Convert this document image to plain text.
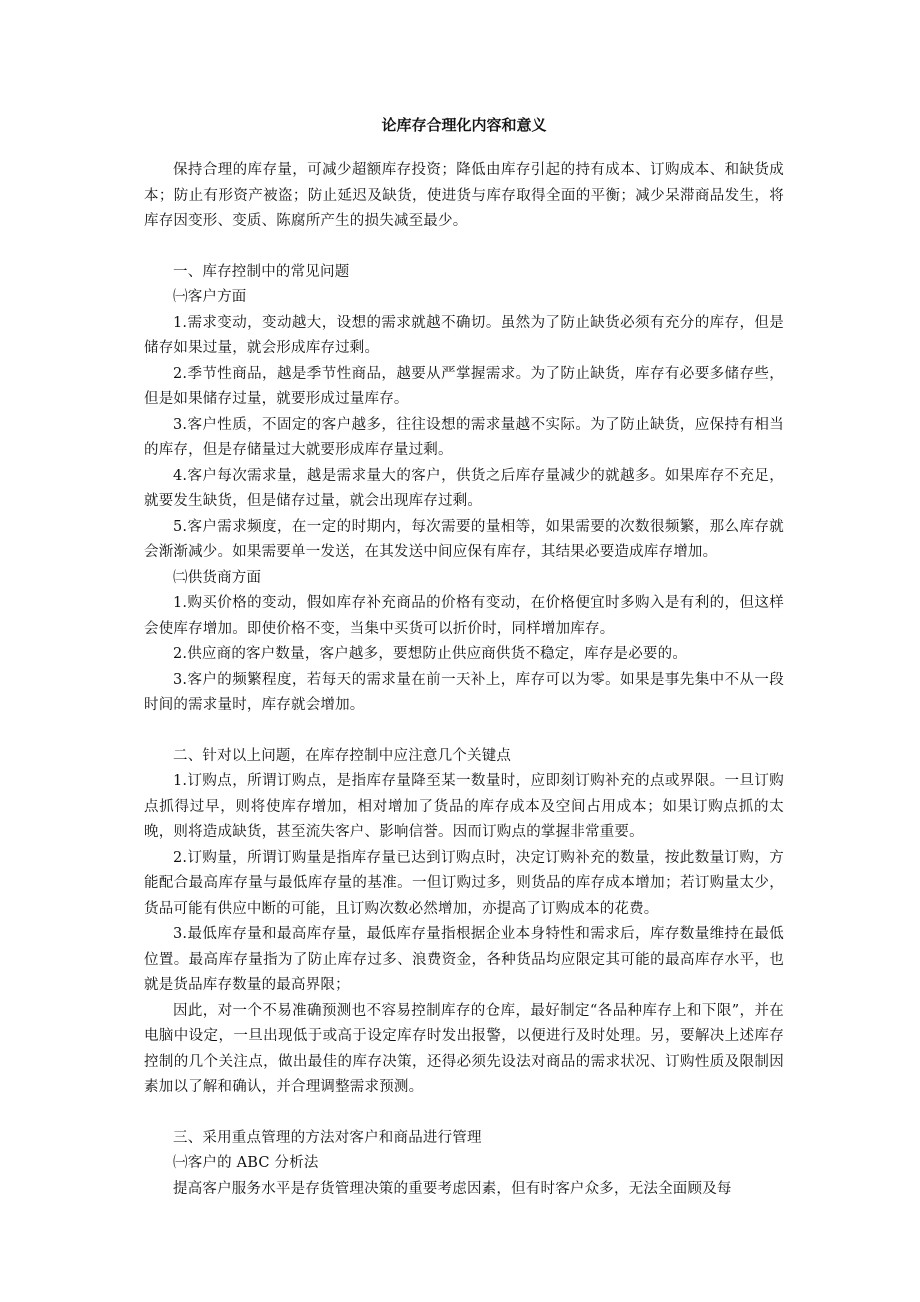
论库存合理化内容和意义

保持合理的库存量，可减少超额库存投资；降低由库存引起的持有成本、订购成本、和缺货成本；防止有形资产被盗；防止延迟及缺货，使进货与库存取得全面的平衡；减少呆滞商品发生，将库存因变形、变质、陈腐所产生的损失减至最少。

一、库存控制中的常见问题

㈠客户方面

1.需求变动，变动越大，设想的需求就越不确切。虽然为了防止缺货必须有充分的库存，但是储存如果过量，就会形成库存过剩。

2.季节性商品，越是季节性商品，越要从严掌握需求。为了防止缺货，库存有必要多储存些，但是如果储存过量，就要形成过量库存。

3.客户性质，不固定的客户越多，往往设想的需求量越不实际。为了防止缺货，应保持有相当的库存，但是存储量过大就要形成库存量过剩。

4.客户每次需求量，越是需求量大的客户，供货之后库存量减少的就越多。如果库存不充足，就要发生缺货，但是储存过量，就会出现库存过剩。

5.客户需求频度，在一定的时期内，每次需要的量相等，如果需要的次数很频繁，那么库存就会渐渐减少。如果需要单一发送，在其发送中间应保有库存，其结果必要造成库存增加。

㈡供货商方面

1.购买价格的变动，假如库存补充商品的价格有变动，在价格便宜时多购入是有利的，但这样会使库存增加。即使价格不变，当集中买货可以折价时，同样增加库存。

2.供应商的客户数量，客户越多，要想防止供应商供货不稳定，库存是必要的。

3.客户的频繁程度，若每天的需求量在前一天补上，库存可以为零。如果是事先集中不从一段时间的需求量时，库存就会增加。

二、针对以上问题，在库存控制中应注意几个关键点

1.订购点，所谓订购点，是指库存量降至某一数量时，应即刻订购补充的点或界限。一旦订购点抓得过早，则将使库存增加，相对增加了货品的库存成本及空间占用成本；如果订购点抓的太晚，则将造成缺货，甚至流失客户、影响信誉。因而订购点的掌握非常重要。

2.订购量，所谓订购量是指库存量已达到订购点时，决定订购补充的数量，按此数量订购，方能配合最高库存量与最低库存量的基准。一但订购过多，则货品的库存成本增加；若订购量太少，货品可能有供应中断的可能，且订购次数必然增加，亦提高了订购成本的花费。

3.最低库存量和最高库存量，最低库存量指根据企业本身特性和需求后，库存数量维持在最低位置。最高库存量指为了防止库存过多、浪费资金，各种货品均应限定其可能的最高库存水平，也就是货品库存数量的最高界限；

因此，对一个不易准确预测也不容易控制库存的仓库，最好制定“各品种库存上和下限”，并在电脑中设定，一旦出现低于或高于设定库存时发出报警，以便进行及时处理。另，要解决上述库存控制的几个关注点，做出最佳的库存决策，还得必须先设法对商品的需求状况、订购性质及限制因素加以了解和确认，并合理调整需求预测。

三、采用重点管理的方法对客户和商品进行管理

㈠客户的 ABC 分析法

提高客户服务水平是存货管理决策的重要考虑因素，但有时客户众多，无法全面顾及每
